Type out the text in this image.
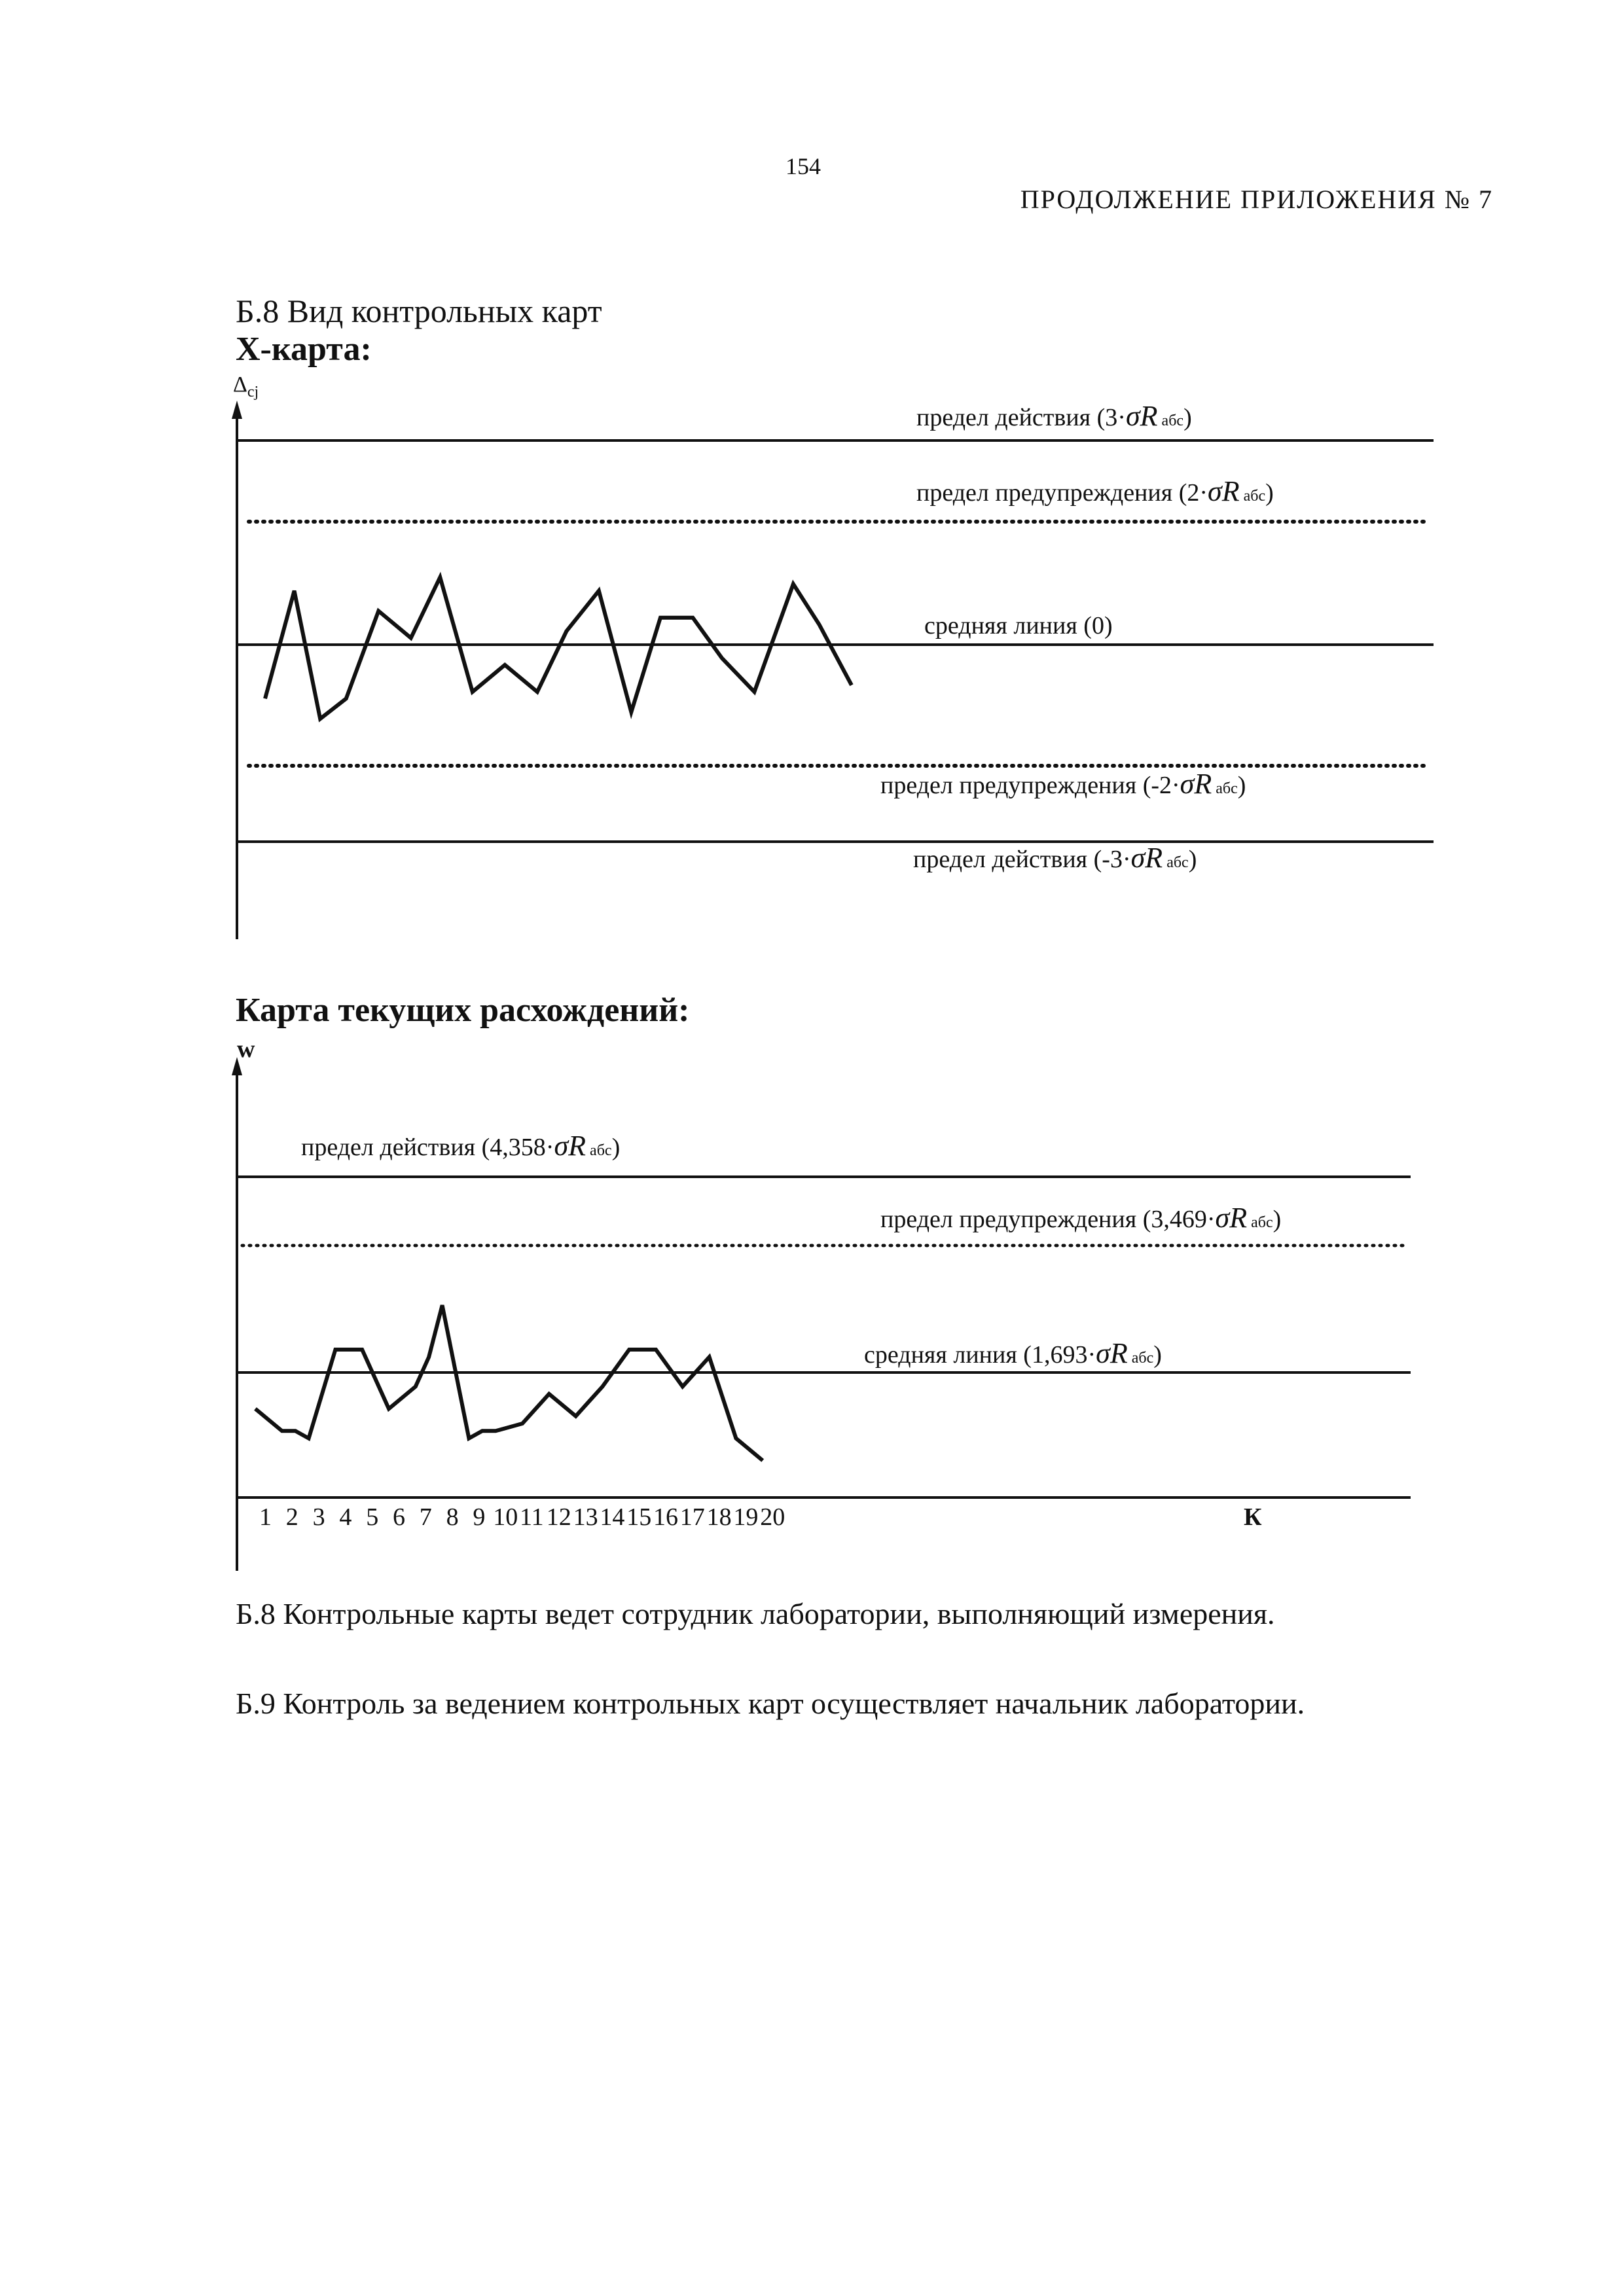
154
ПРОДОЛЖЕНИЕ ПРИЛОЖЕНИЯ № 7
Б.8 Вид контрольных карт
X-карта:
Карта текущих расхождений:
Б.8 Контрольные карты ведет сотрудник лаборатории, выполняющий измерения.
Б.9 Контроль за ведением контрольных карт осуществляет начальник лаборатории.
$\Delta_{cj}$
предел действия (3·σR абс)
предел предупреждения (2·σR абс)
средняя линия (0)
предел предупреждения (-2·σR абс)
предел действия (-3·σR абс)
w
предел действия (4,358·σR абс)
предел предупреждения (3,469·σR абс)
средняя линия (1,693·σR абс)
1 2 3 4 5 6 7 8 9 10 11 12 13 14 15 16 17 18 19 20	К
